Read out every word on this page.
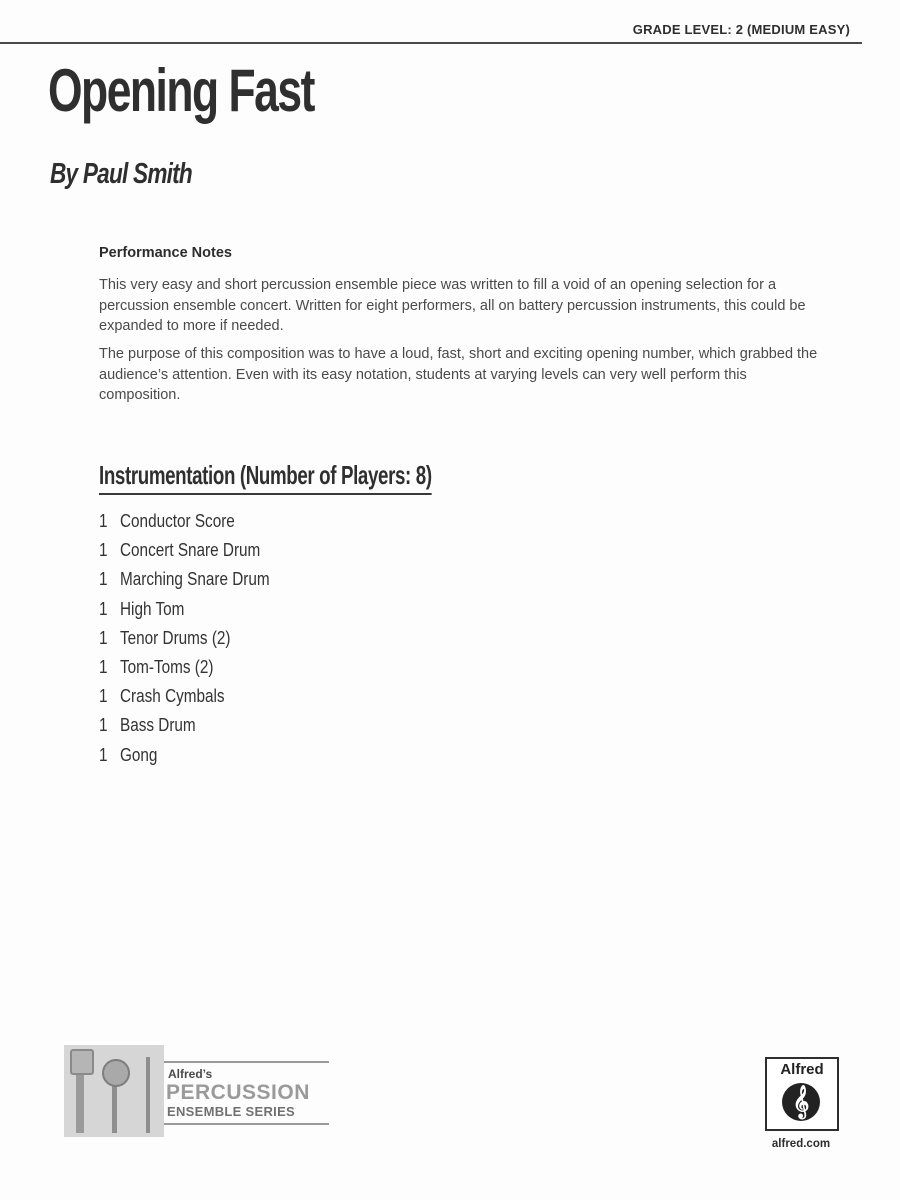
GRADE LEVEL: 2 (MEDIUM EASY)
Opening Fast
By Paul Smith
Performance Notes

This very easy and short percussion ensemble piece was written to fill a void of an opening selection for a percussion ensemble concert. Written for eight performers, all on battery percussion instruments, this could be expanded to more if needed.

The purpose of this composition was to have a loud, fast, short and exciting opening number, which grabbed the audience’s attention. Even with its easy notation, students at varying levels can very well perform this composition.

Instrumentation (Number of Players: 8)
1 Conductor Score
1 Concert Snare Drum
1 Marching Snare Drum
1 High Tom
1 Tenor Drums (2)
1 Tom-Toms (2)
1 Crash Cymbals
1 Bass Drum
1 Gong
Alfred’s
PERCUSSION
ENSEMBLE SERIES
Alfred
𝄞
alfred.com
